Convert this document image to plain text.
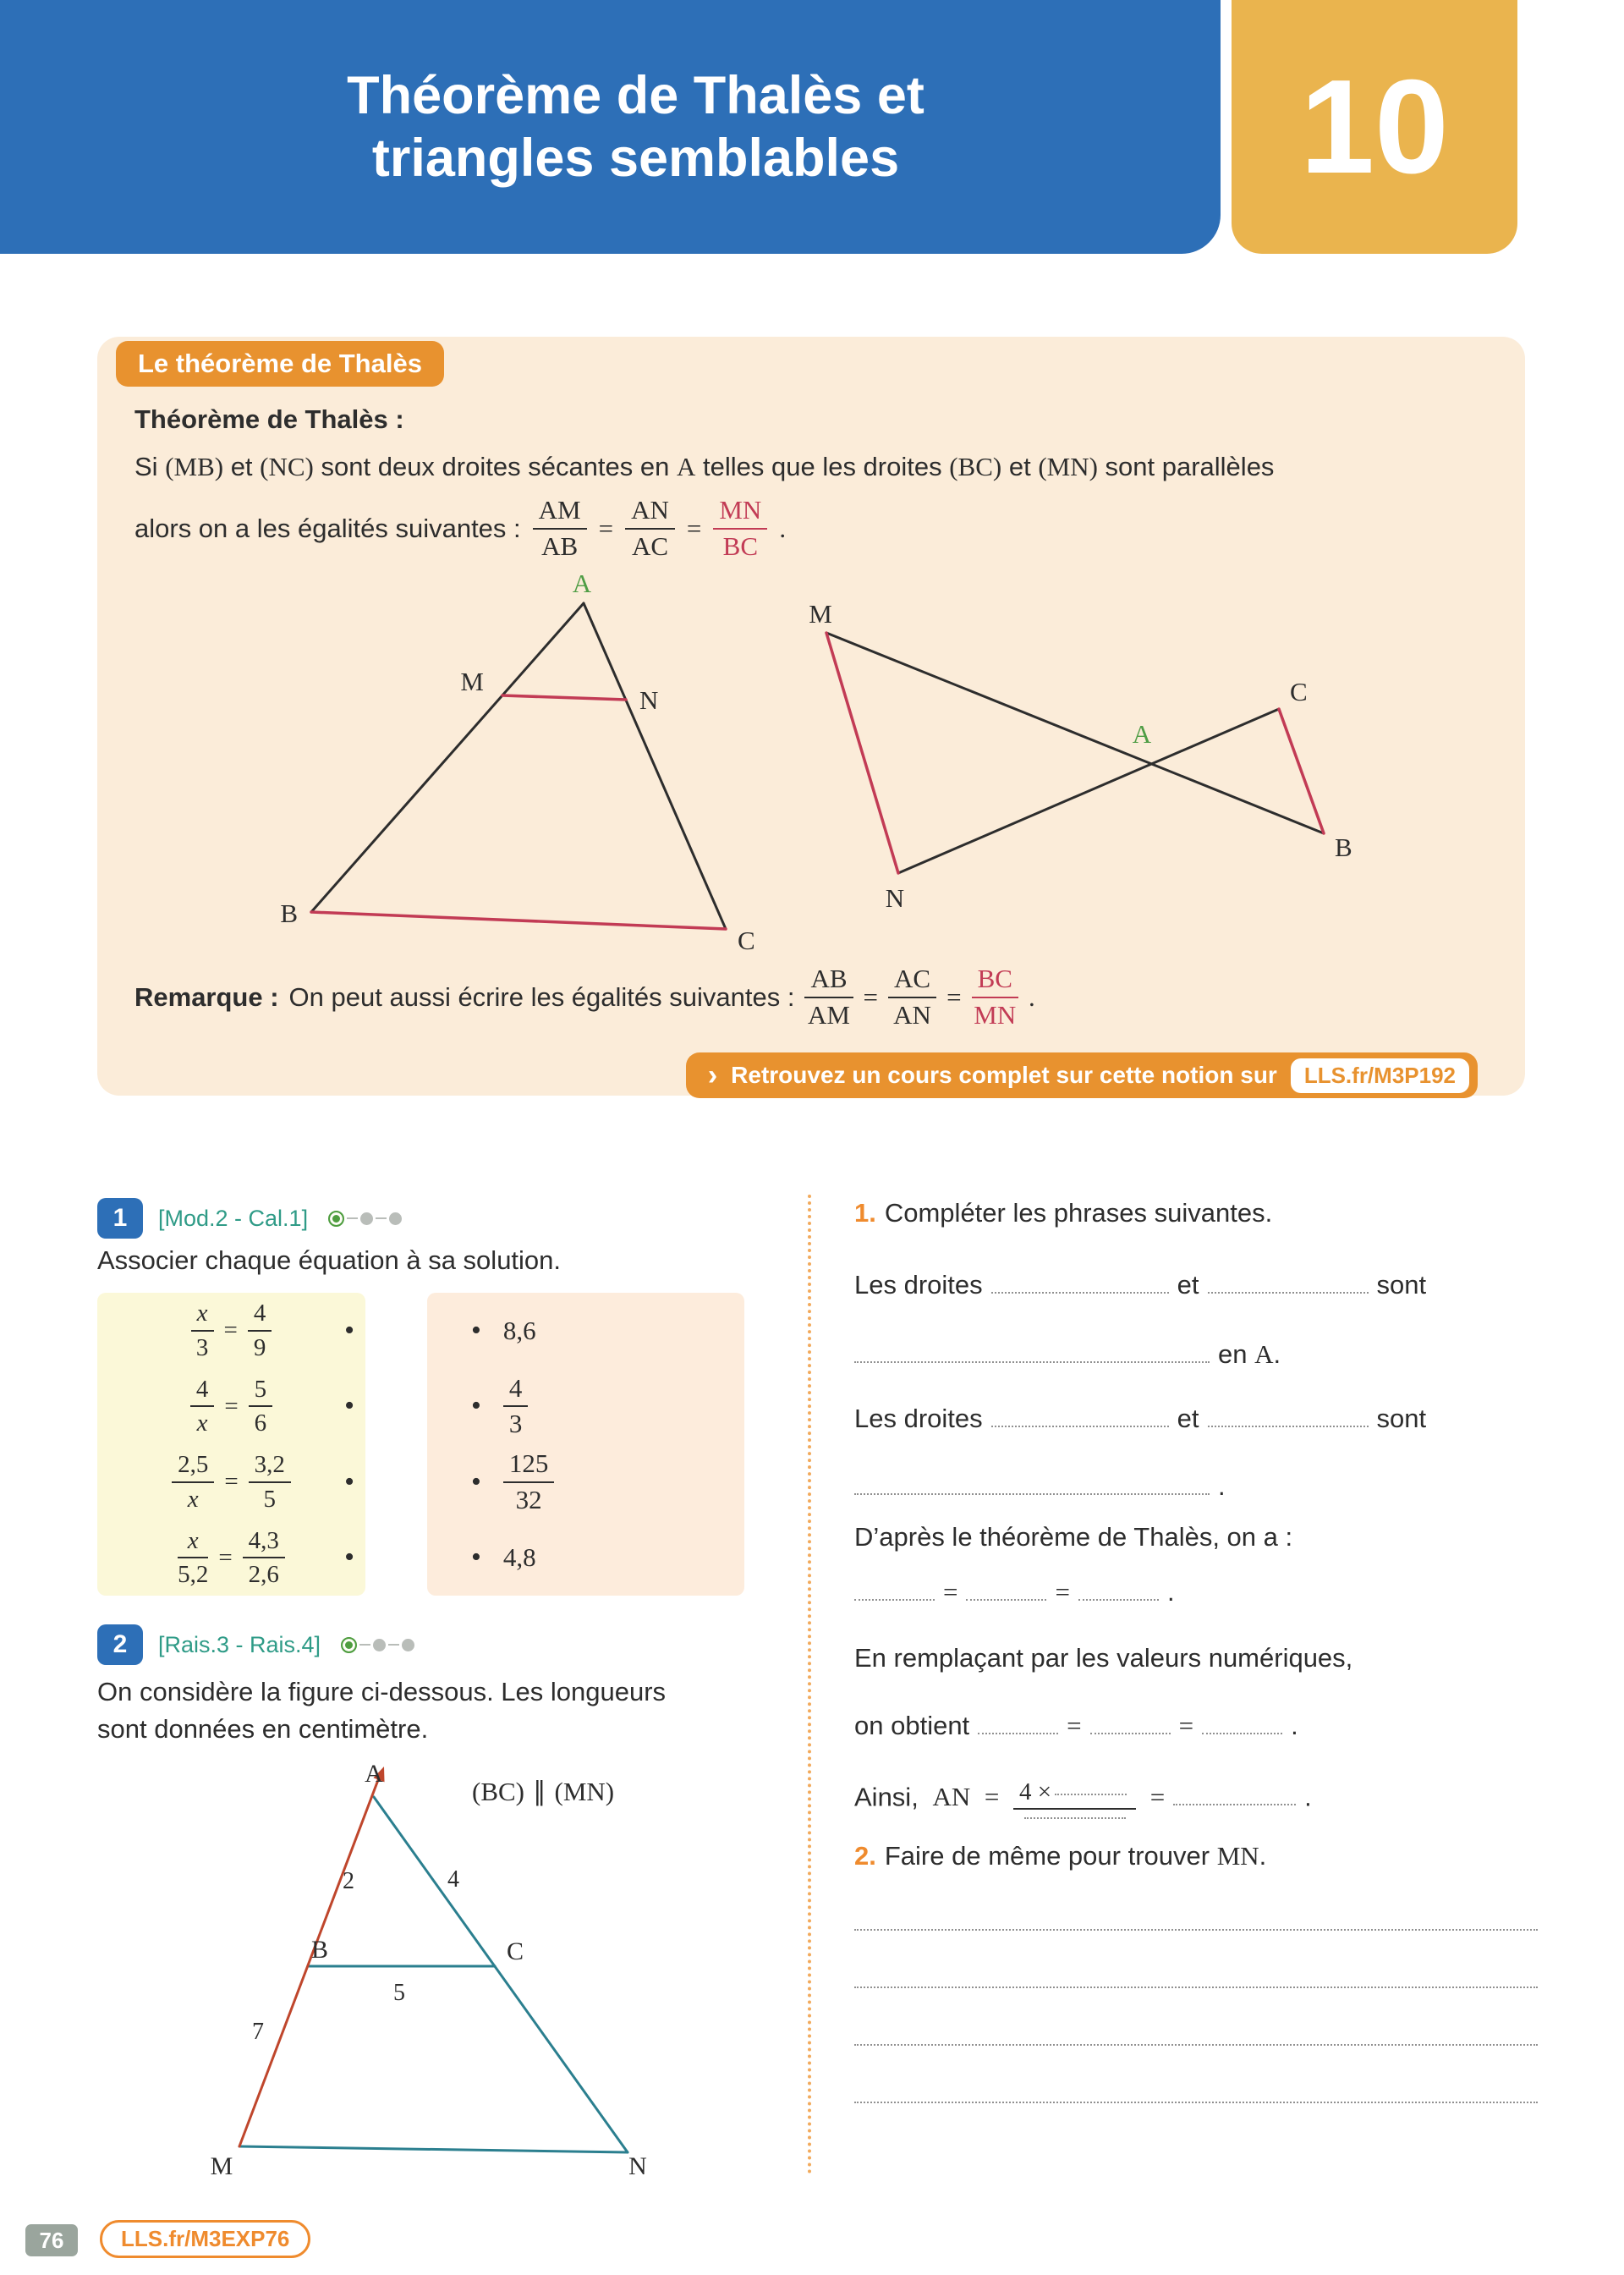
Théorème de Thalès et
triangles semblables	10
Le théorème de Thalès
Théorème de Thalès :

Si (MB) et (NC) sont deux droites sécantes en A telles que les droites (BC) et (MN) sont parallèles

alors on a les égalités suivantes : $\frac{AM}{AB} = \frac{AN}{AC} = \frac{MN}{BC}$ .
A
M
N
B
C
M
N
C
B
A
Remarque : On peut aussi écrire les égalités suivantes : $\frac{AB}{AM} = \frac{AC}{AN} = \frac{BC}{MN}$ .
› Retrouvez un cours complet sur cette notion sur	LLS.fr/M3P192
1	[Mod.2 - Cal.1]

Associer chaque équation à sa solution.

$\frac{x}{3} = \frac{4}{9}$	•
$\frac{4}{x} = \frac{5}{6}$ •
$\frac{2,5}{x} = \frac{3,2}{5}$ •
$\frac{x}{5,2} = \frac{4,3}{2,6}$ •
• 8,6
• $\frac{4}{3}$
• $\frac{125}{32}$
• 4,8
2	[Rais.3 - Rais.4]

On considère la figure ci-dessous. Les longueurs
sont données en centimètre.

A
B	C
M	N
2	4
7
5
(BC) ∥ (MN)
1. Compléter les phrases suivantes.
Les droites	et	sont
en A.
Les droites	et	sont
.
D’après le théorème de Thalès, on a :
=	=	.
En remplaçant par les valeurs numériques,
on obtient	=	=	.
Ainsi, AN = 4 ×	=	.
2. Faire de même pour trouver MN.
76	LLS.fr/M3EXP76
